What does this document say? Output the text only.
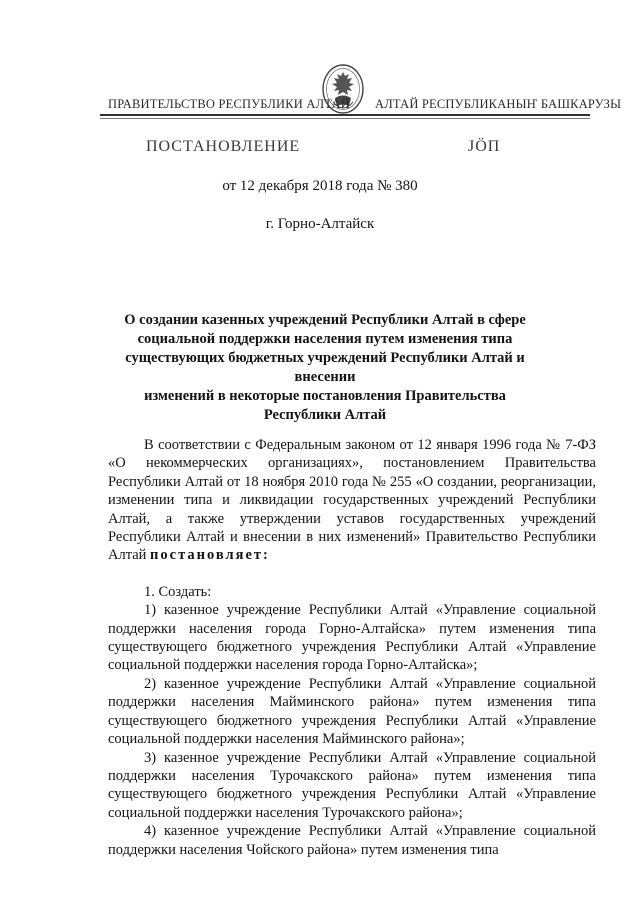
ПРАВИТЕЛЬСТВО РЕСПУБЛИКИ АЛТАЙ АЛТАЙ РЕСПУБЛИКАНЫҤ БАШКАРУЗЫ
ПОСТАНОВЛЕНИЕ	JÖП
от 12 декабря 2018 года № 380
г. Горно-Алтайск
О создании казенных учреждений Республики Алтай в сфере
социальной поддержки населения путем изменения типа
существующих бюджетных учреждений Республики Алтай и внесении
изменений в некоторые постановления Правительства
Республики Алтай

В соответствии с Федеральным законом от 12 января 1996 года № 7-ФЗ «О некоммерческих организациях», постановлением Правительства Республики Алтай от 18 ноября 2010 года № 255 «О создании, реорганизации, изменении типа и ликвидации государственных учреждений Республики Алтай, а также утверждении уставов государственных учреждений Республики Алтай и внесении в них изменений» Правительство Республики Алтай постановляет:

1. Создать:

1) казенное учреждение Республики Алтай «Управление социальной поддержки населения города Горно-Алтайска» путем изменения типа существующего бюджетного учреждения Республики Алтай «Управление социальной поддержки населения города Горно-Алтайска»;

2) казенное учреждение Республики Алтай «Управление социальной поддержки населения Майминского района» путем изменения типа существующего бюджетного учреждения Республики Алтай «Управление социальной поддержки населения Майминского района»;

3) казенное учреждение Республики Алтай «Управление социальной поддержки населения Турочакского района» путем изменения типа существующего бюджетного учреждения Республики Алтай «Управление социальной поддержки населения Турочакского района»;

4) казенное учреждение Республики Алтай «Управление социальной поддержки населения Чойского района» путем изменения типа
